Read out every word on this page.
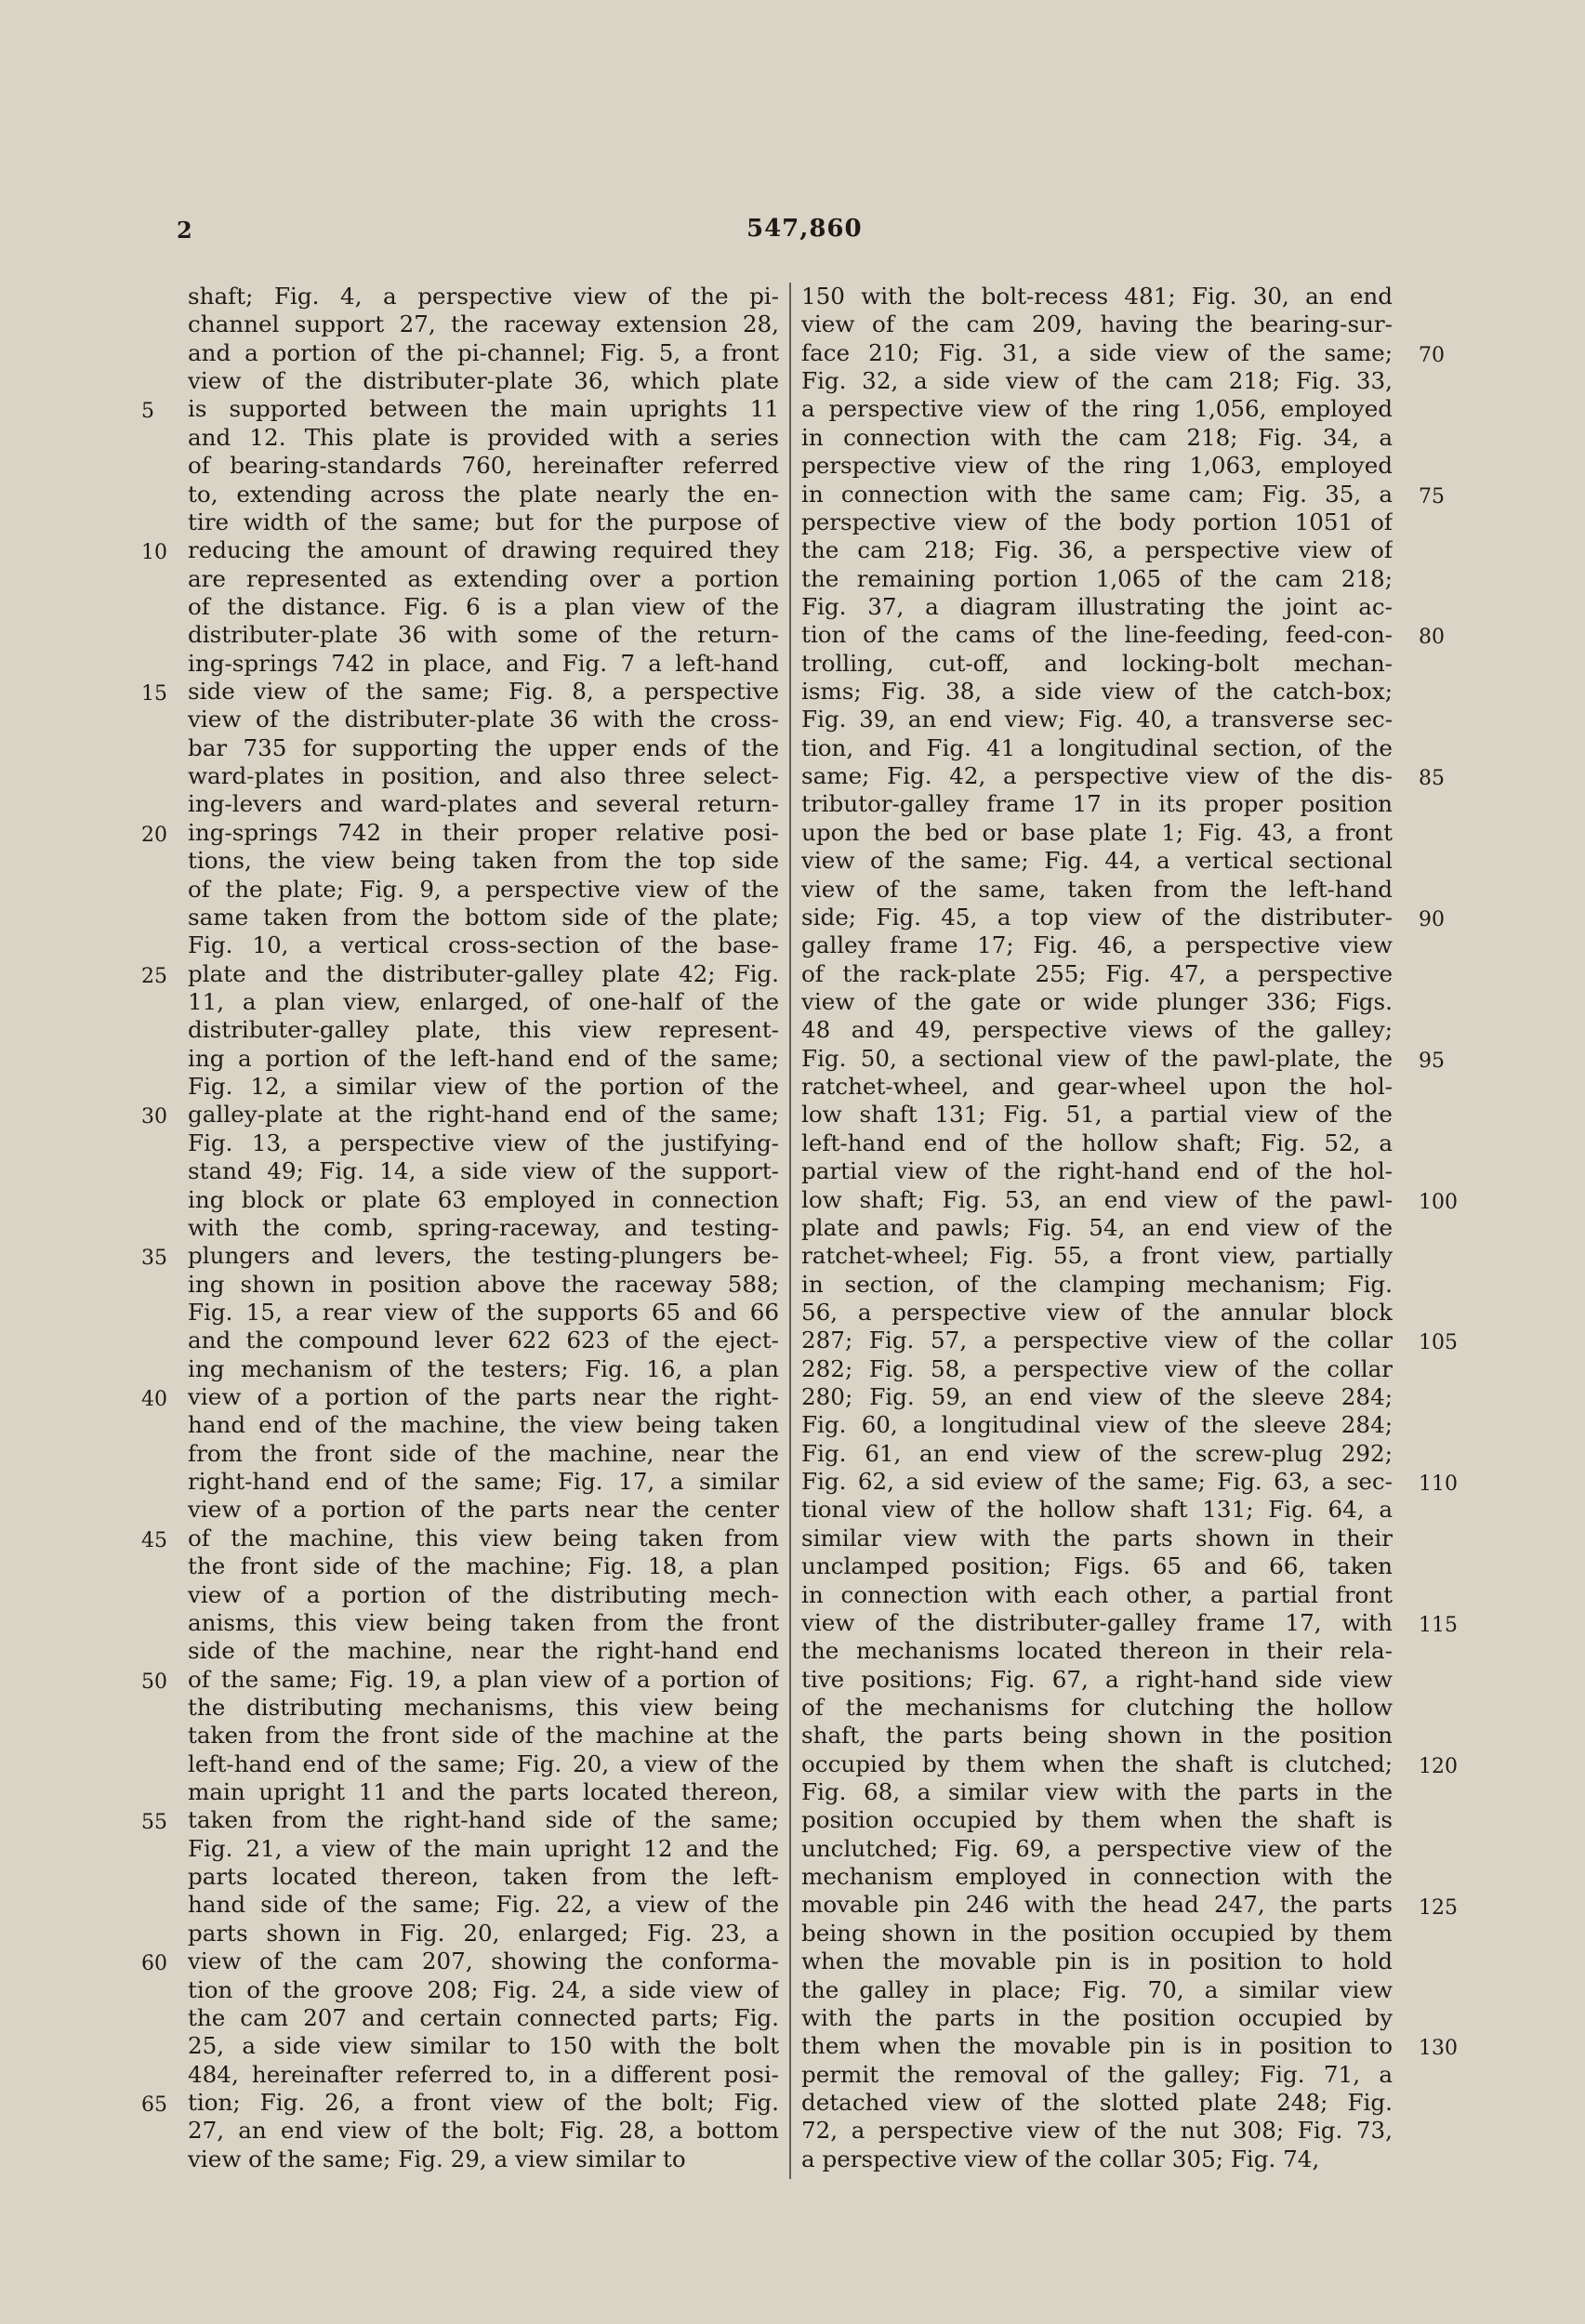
2	547,860
shaft; Fig. 4, a perspective view of the pi-
channel support 27, the raceway extension 28,
and a portion of the pi-channel; Fig. 5, a front
view of the distributer-plate 36, which plate
is supported between the main uprights 11
and 12. This plate is provided with a series
of bearing-standards 760, hereinafter referred
to, extending across the plate nearly the en-
tire width of the same; but for the purpose of
reducing the amount of drawing required they
are represented as extending over a portion
of the distance. Fig. 6 is a plan view of the
distributer-plate 36 with some of the return-
ing-springs 742 in place, and Fig. 7 a left-hand
side view of the same; Fig. 8, a perspective
view of the distributer-plate 36 with the cross-
bar 735 for supporting the upper ends of the
ward-plates in position, and also three select-
ing-levers and ward-plates and several return-
ing-springs 742 in their proper relative posi-
tions, the view being taken from the top side
of the plate; Fig. 9, a perspective view of the
same taken from the bottom side of the plate;
Fig. 10, a vertical cross-section of the base-
plate and the distributer-galley plate 42; Fig.
11, a plan view, enlarged, of one-half of the
distributer-galley plate, this view represent-
ing a portion of the left-hand end of the same;
Fig. 12, a similar view of the portion of the
galley-plate at the right-hand end of the same;
Fig. 13, a perspective view of the justifying-
stand 49; Fig. 14, a side view of the support-
ing block or plate 63 employed in connection
with the comb, spring-raceway, and testing-
plungers and levers, the testing-plungers be-
ing shown in position above the raceway 588;
Fig. 15, a rear view of the supports 65 and 66
and the compound lever 622 623 of the eject-
ing mechanism of the testers; Fig. 16, a plan
view of a portion of the parts near the right-
hand end of the machine, the view being taken
from the front side of the machine, near the
right-hand end of the same; Fig. 17, a similar
view of a portion of the parts near the center
of the machine, this view being taken from
the front side of the machine; Fig. 18, a plan
view of a portion of the distributing mech-
anisms, this view being taken from the front
side of the machine, near the right-hand end
of the same; Fig. 19, a plan view of a portion of
the distributing mechanisms, this view being
taken from the front side of the machine at the
left-hand end of the same; Fig. 20, a view of the
main upright 11 and the parts located thereon,
taken from the right-hand side of the same;
Fig. 21, a view of the main upright 12 and the
parts located thereon, taken from the left-
hand side of the same; Fig. 22, a view of the
parts shown in Fig. 20, enlarged; Fig. 23, a
view of the cam 207, showing the conforma-
tion of the groove 208; Fig. 24, a side view of
the cam 207 and certain connected parts; Fig.
25, a side view similar to 150 with the bolt
484, hereinafter referred to, in a different posi-
tion; Fig. 26, a front view of the bolt; Fig.
27, an end view of the bolt; Fig. 28, a bottom
view of the same; Fig. 29, a view similar to
150 with the bolt-recess 481; Fig. 30, an end
view of the cam 209, having the bearing-sur-
face 210; Fig. 31, a side view of the same;
Fig. 32, a side view of the cam 218; Fig. 33,
a perspective view of the ring 1,056, employed
in connection with the cam 218; Fig. 34, a
perspective view of the ring 1,063, employed
in connection with the same cam; Fig. 35, a
perspective view of the body portion 1051 of
the cam 218; Fig. 36, a perspective view of
the remaining portion 1,065 of the cam 218;
Fig. 37, a diagram illustrating the joint ac-
tion of the cams of the line-feeding, feed-con-
trolling, cut-off, and locking-bolt mechan-
isms; Fig. 38, a side view of the catch-box;
Fig. 39, an end view; Fig. 40, a transverse sec-
tion, and Fig. 41 a longitudinal section, of the
same; Fig. 42, a perspective view of the dis-
tributor-galley frame 17 in its proper position
upon the bed or base plate 1; Fig. 43, a front
view of the same; Fig. 44, a vertical sectional
view of the same, taken from the left-hand
side; Fig. 45, a top view of the distributer-
galley frame 17; Fig. 46, a perspective view
of the rack-plate 255; Fig. 47, a perspective
view of the gate or wide plunger 336; Figs.
48 and 49, perspective views of the galley;
Fig. 50, a sectional view of the pawl-plate, the
ratchet-wheel, and gear-wheel upon the hol-
low shaft 131; Fig. 51, a partial view of the
left-hand end of the hollow shaft; Fig. 52, a
partial view of the right-hand end of the hol-
low shaft; Fig. 53, an end view of the pawl-
plate and pawls; Fig. 54, an end view of the
ratchet-wheel; Fig. 55, a front view, partially
in section, of the clamping mechanism; Fig.
56, a perspective view of the annular block
287; Fig. 57, a perspective view of the collar
282; Fig. 58, a perspective view of the collar
280; Fig. 59, an end view of the sleeve 284;
Fig. 60, a longitudinal view of the sleeve 284;
Fig. 61, an end view of the screw-plug 292;
Fig. 62, a sid eview of the same; Fig. 63, a sec-
tional view of the hollow shaft 131; Fig. 64, a
similar view with the parts shown in their
unclamped position; Figs. 65 and 66, taken
in connection with each other, a partial front
view of the distributer-galley frame 17, with
the mechanisms located thereon in their rela-
tive positions; Fig. 67, a right-hand side view
of the mechanisms for clutching the hollow
shaft, the parts being shown in the position
occupied by them when the shaft is clutched;
Fig. 68, a similar view with the parts in the
position occupied by them when the shaft is
unclutched; Fig. 69, a perspective view of the
mechanism employed in connection with the
movable pin 246 with the head 247, the parts
being shown in the position occupied by them
when the movable pin is in position to hold
the galley in place; Fig. 70, a similar view
with the parts in the position occupied by
them when the movable pin is in position to
permit the removal of the galley; Fig. 71, a
detached view of the slotted plate 248; Fig.
72, a perspective view of the nut 308; Fig. 73,
a perspective view of the collar 305; Fig. 74,
5
10
15
20
25
30
35
40
45
50
55
60
65
70
75
80
85
90
95
100
105
110
115
120
125
130
